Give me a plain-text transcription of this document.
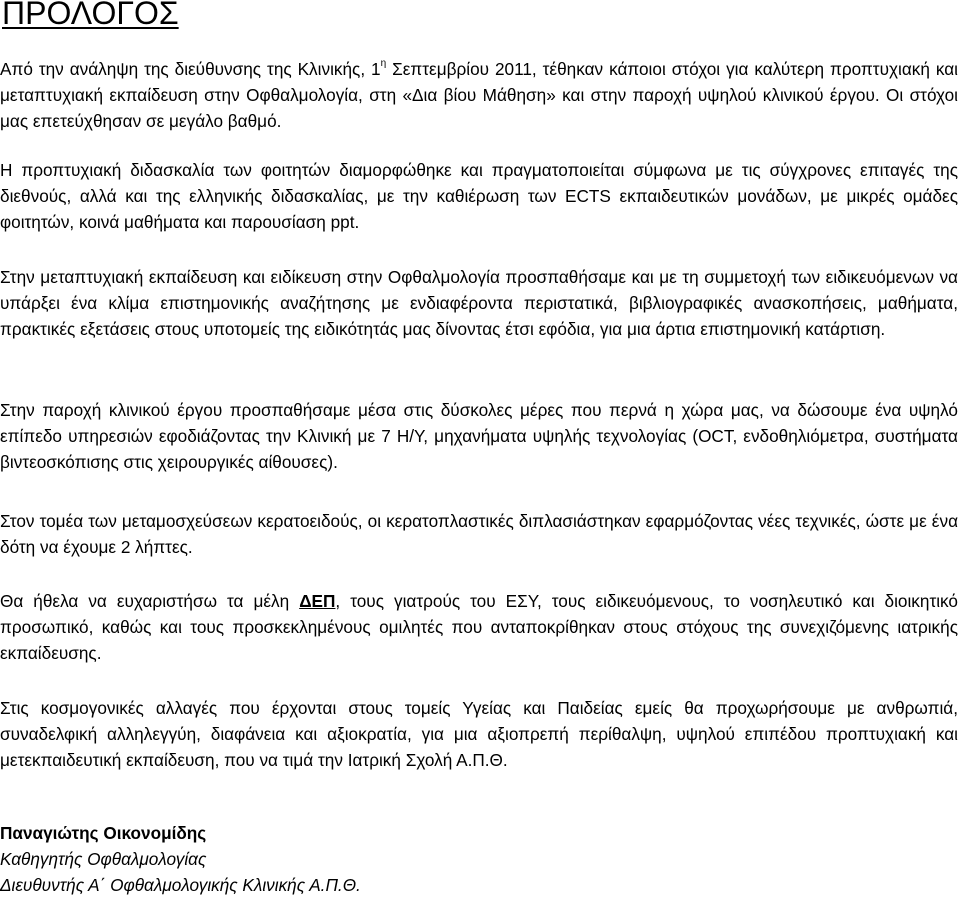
ΠΡΟΛΟΓΟΣ

Από την ανάληψη της διεύθυνσης της Κλινικής, $1^\eta$ Σεπτεμβρίου 2011, τέθηκαν κάποιοι στόχοι για καλύτερη προπτυχιακή και μεταπτυχιακή εκπαίδευση στην Οφθαλμολογία, στη «Δια βίου Μάθηση» και στην παροχή υψηλού κλινικού έργου. Οι στόχοι μας επετεύχθησαν σε μεγάλο βαθμό.

Η προπτυχιακή διδασκαλία των φοιτητών διαμορφώθηκε και πραγματοποιείται σύμφωνα με τις σύγχρονες επιταγές της διεθνούς, αλλά και της ελληνικής διδασκαλίας, με την καθιέρωση των ECTS εκπαιδευτικών μονάδων, με μικρές ομάδες φοιτητών, κοινά μαθήματα και παρουσίαση ppt.

Στην μεταπτυχιακή εκπαίδευση και ειδίκευση στην Οφθαλμολογία προσπαθήσαμε και με τη συμμετοχή των ειδικευόμενων να υπάρξει ένα κλίμα επιστημονικής αναζήτησης με ενδιαφέροντα περιστατικά, βιβλιογραφικές ανασκοπήσεις, μαθήματα, πρακτικές εξετάσεις στους υποτομείς της ειδικότητάς μας δίνοντας έτσι εφόδια, για μια άρτια επιστημονική κατάρτιση.

Στην παροχή κλινικού έργου προσπαθήσαμε μέσα στις δύσκολες μέρες που περνά η χώρα μας, να δώσουμε ένα υψηλό επίπεδο υπηρεσιών εφοδιάζοντας την Κλινική με 7 Η/Υ, μηχανήματα υψηλής τεχνολογίας (OCT, ενδοθηλιόμετρα, συστήματα βιντεοσκόπισης στις χειρουργικές αίθουσες).

Στον τομέα των μεταμοσχεύσεων κερατοειδούς, οι κερατοπλαστικές διπλασιάστηκαν εφαρμόζοντας νέες τεχνικές, ώστε με ένα δότη να έχουμε 2 λήπτες.

Θα ήθελα να ευχαριστήσω τα μέλη ΔΕΠ, τους γιατρούς του ΕΣΥ, τους ειδικευόμενους, το νοσηλευτικό και διοικητικό προσωπικό, καθώς και τους προσκεκλημένους ομιλητές που ανταποκρίθηκαν στους στόχους της συνεχιζόμενης ιατρικής εκπαίδευσης.

Στις κοσμογονικές αλλαγές που έρχονται στους τομείς Υγείας και Παιδείας εμείς θα προχωρήσουμε με ανθρωπιά, συναδελφική αλληλεγγύη, διαφάνεια και αξιοκρατία, για μια αξιοπρεπή περίθαλψη, υψηλού επιπέδου προπτυχιακή και μετεκπαιδευτική εκπαίδευση, που να τιμά την Ιατρική Σχολή Α.Π.Θ.

Παναγιώτης Οικονομίδης
Καθηγητής Οφθαλμολογίας
Διευθυντής Α΄ Οφθαλμολογικής Κλινικής Α.Π.Θ.
